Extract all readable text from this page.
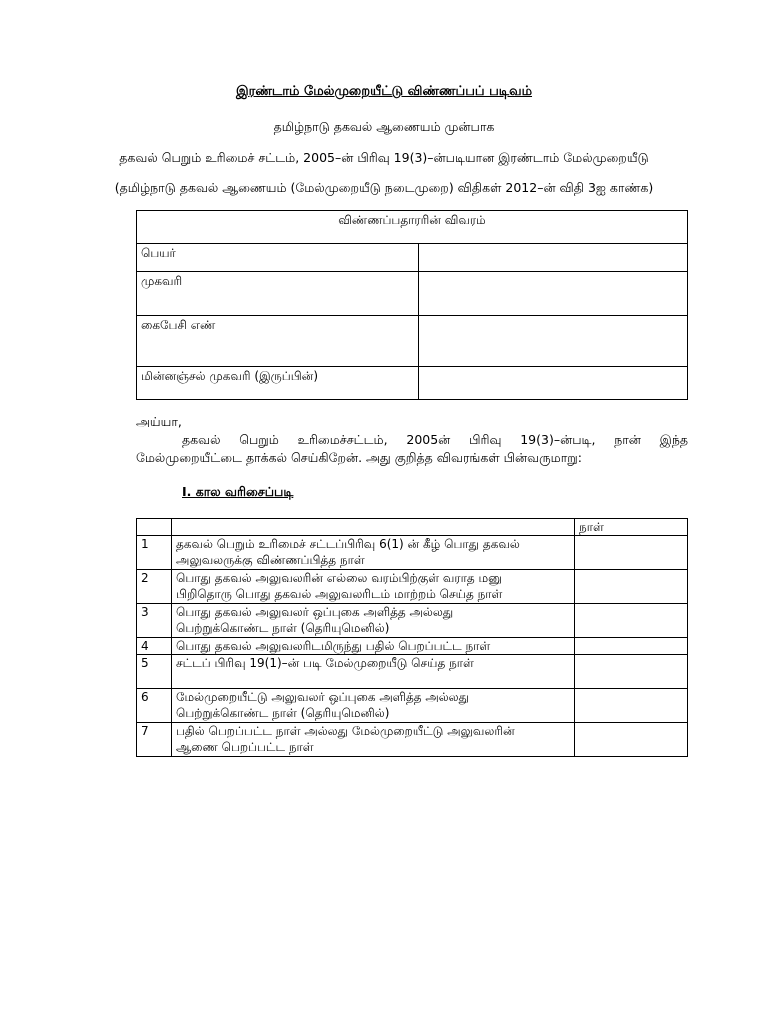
இரண்டாம் மேல்முறையீட்டு விண்ணப்பப் படிவம்
தமிழ்நாடு தகவல் ஆணையம் முன்பாக
தகவல் பெறும் உரிமைச் சட்டம், 2005–ன் பிரிவு 19(3)–ன்படியான இரண்டாம் மேல்முறையீடு
(தமிழ்நாடு தகவல் ஆணையம் (மேல்முறையீடு நடைமுறை) விதிகள் 2012–ன் விதி 3ஐ காண்க)
விண்ணப்பதாரரின் விவரம்	
பெயர்	
முகவரி	
கைபேசி எண்	
மின்னஞ்சல் முகவரி (இருப்பின்)	
அய்யா,
தகவல் பெறும் உரிமைச்சட்டம், 2005ன் பிரிவு 19(3)–ன்படி, நான் இந்த
மேல்முறையீட்டை தாக்கல் செய்கிறேன். அது குறித்த விவரங்கள் பின்வருமாறு:
I. கால வரிசைப்படி
		நாள்
1	தகவல் பெறும் உரிமைச் சட்டப்பிரிவு 6(1) ன் கீழ் பொது தகவல்
அலுவலருக்கு விண்ணப்பித்த நாள்	

2	பொது தகவல் அலுவலரின் எல்லை வரம்பிற்குள் வராத மனு
பிறிதொரு பொது தகவல் அலுவலரிடம் மாற்றம் செய்த நாள்	

3	பொது தகவல் அலுவலர் ஒப்புகை அளித்த அல்லது
பெற்றுக்கொண்ட நாள் (தெரியுமெனில்)	

4	பொது தகவல் அலுவலரிடமிருந்து பதில் பெறப்பட்ட நாள்	

5	சட்டப் பிரிவு 19(1)–ன் படி மேல்முறையீடு செய்த நாள்	

6	மேல்முறையீட்டு அலுவலர் ஒப்புகை அளித்த அல்லது
பெற்றுக்கொண்ட நாள் (தெரியுமெனில்)	

7	பதில் பெறப்பட்ட நாள் அல்லது மேல்முறையீட்டு அலுவலரின்
ஆணை பெறப்பட்ட நாள்	
